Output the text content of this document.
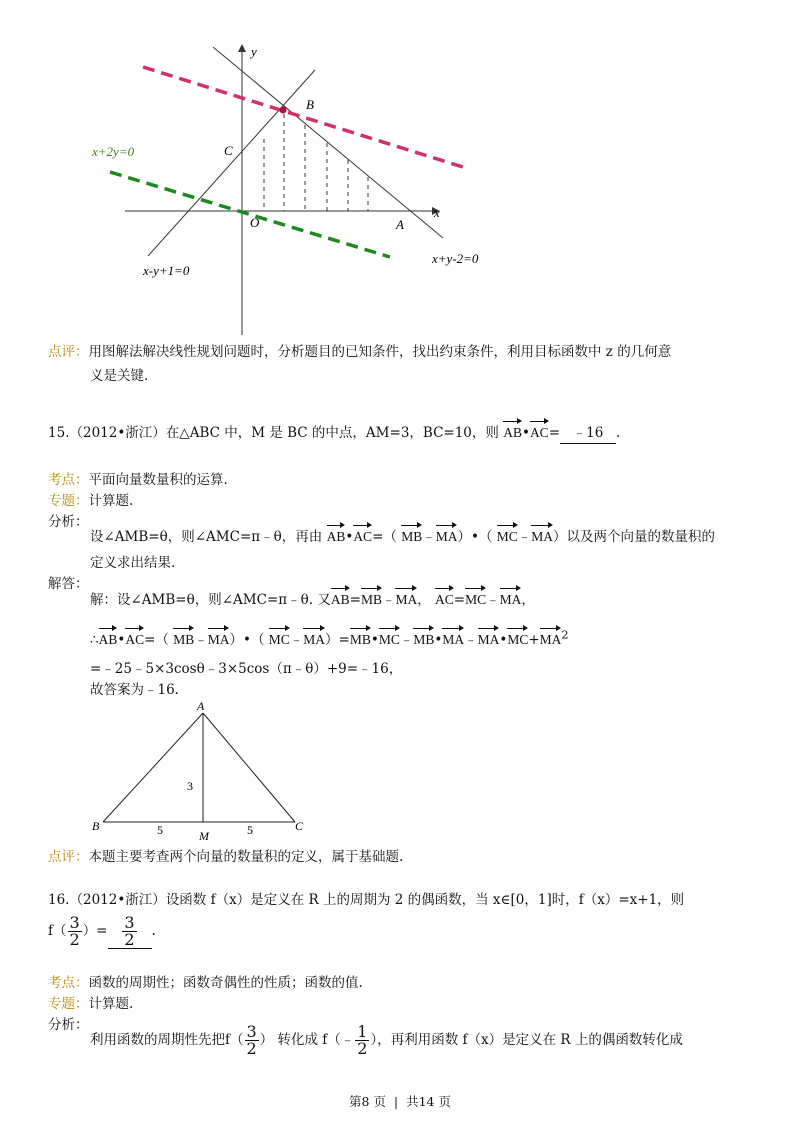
y
x
O
B
C
A
x+2y=0
x-y+1=0
x+y-2=0
点评：用图解法解决线性规划问题时，分析题目的已知条件，找出约束条件，利用目标函数中 z 的几何意
义是关键.
15.（2012•浙江）在△ABC 中，M 是 BC 的中点，AM=3，BC=10，则 AB•AC= ﹣16 .
考点：平面向量数量积的运算.
专题：计算题.
分析：
设∠AMB=θ，则∠AMC=π﹣θ，再由 AB•AC=（ MB﹣MA）•（ MC﹣MA）以及两个向量的数量积的
定义求出结果.
解答：
解：设∠AMB=θ，则∠AMC=π﹣θ. 又AB=MB﹣MA， AC=MC﹣MA，
∴AB•AC=（ MB﹣MA）•（ $MC﹣MA)=MB•MC﹣MB•MA﹣MA•MC+MA^2$
=﹣25﹣5×3cosθ﹣3×5cos（π﹣θ）+9=﹣16，
故答案为﹣16.
A
B	C
M
3
5	5
点评：本题主要考查两个向量的数量积的定义，属于基础题.
16.（2012•浙江）设函数 f（x）是定义在 R 上的周期为 2 的偶函数，当 x∈[0，1]时，f（x）=x+1，则
$f( \frac{3}{2}$ ）= $\frac{3}{2}$ .
考点：函数的周期性；函数奇偶性的性质；函数的值.
专题：计算题.
分析：
利用函数的周期性先把$f( \frac{3}{2}$ ） 转化成 f（﹣ $\frac{1}{2}$ ），再利用函数 f（x）是定义在 R 上的偶函数转化成
第8 页 | 共14 页
